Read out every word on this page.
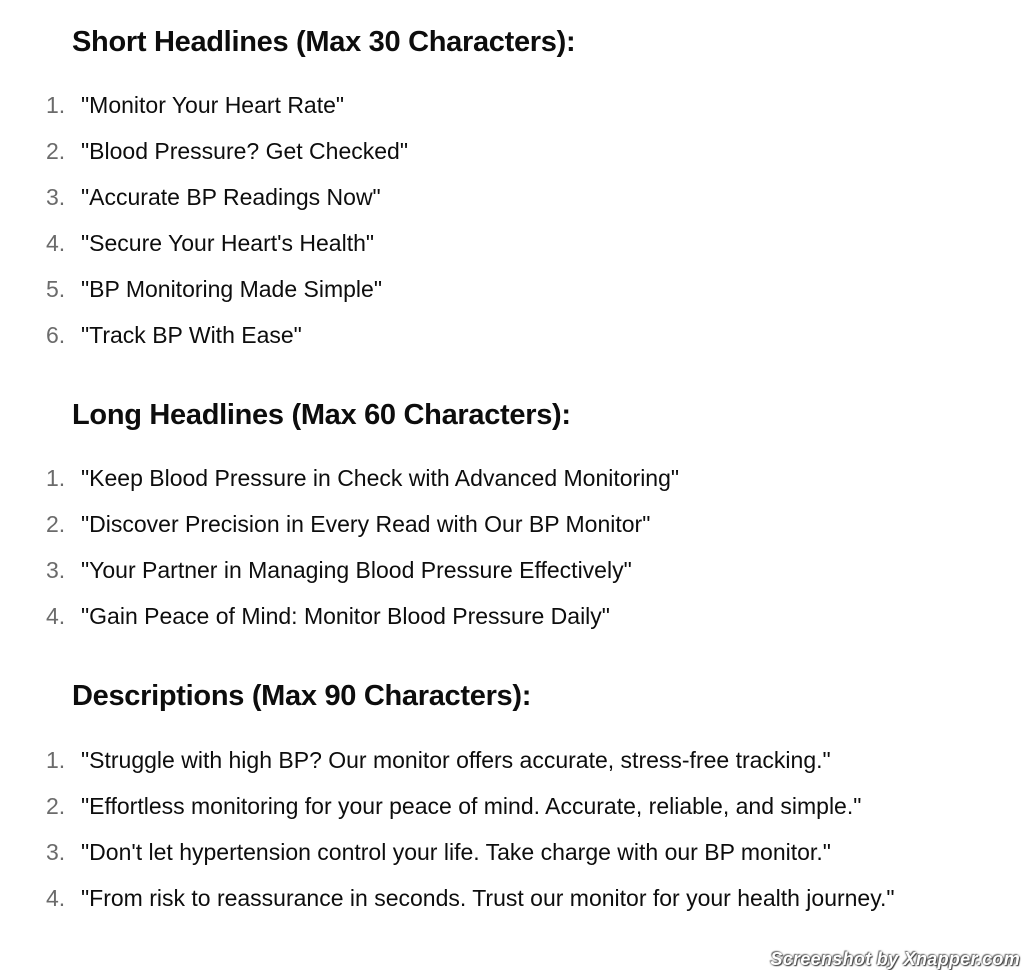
Short Headlines (Max 30 Characters):
1. "Monitor Your Heart Rate"
2. "Blood Pressure? Get Checked"
3. "Accurate BP Readings Now"
4. "Secure Your Heart's Health"
5. "BP Monitoring Made Simple"
6. "Track BP With Ease"
Long Headlines (Max 60 Characters):
1. "Keep Blood Pressure in Check with Advanced Monitoring"
2. "Discover Precision in Every Read with Our BP Monitor"
3. "Your Partner in Managing Blood Pressure Effectively"
4. "Gain Peace of Mind: Monitor Blood Pressure Daily"
Descriptions (Max 90 Characters):
1. "Struggle with high BP? Our monitor offers accurate, stress-free tracking."
2. "Effortless monitoring for your peace of mind. Accurate, reliable, and simple."
3. "Don't let hypertension control your life. Take charge with our BP monitor."
4. "From risk to reassurance in seconds. Trust our monitor for your health journey."
Screenshot by Xnapper.com
